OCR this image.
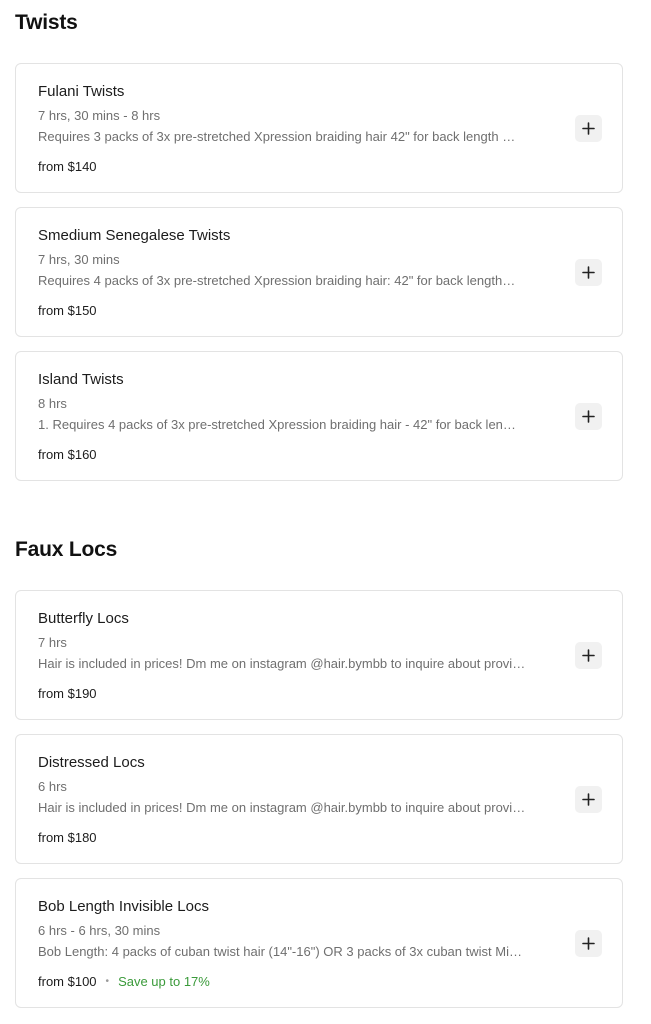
Twists
Fulani Twists
7 hrs, 30 mins - 8 hrs
Requires 3 packs of 3x pre-stretched Xpression braiding hair 42" for back length …
from $140
Smedium Senegalese Twists
7 hrs, 30 mins
Requires 4 packs of 3x pre-stretched Xpression braiding hair: 42" for back length…
from $150
Island Twists
8 hrs
1. Requires 4 packs of 3x pre-stretched Xpression braiding hair - 42" for back len…
from $160
Faux Locs
Butterfly Locs
7 hrs
Hair is included in prices! Dm me on instagram @hair.bymbb to inquire about provi…
from $190
Distressed Locs
6 hrs
Hair is included in prices! Dm me on instagram @hair.bymbb to inquire about provi…
from $180
Bob Length Invisible Locs
6 hrs - 6 hrs, 30 mins
Bob Length: 4 packs of cuban twist hair (14"-16") OR 3 packs of 3x cuban twist Mi…
from $100 • Save up to 17%
